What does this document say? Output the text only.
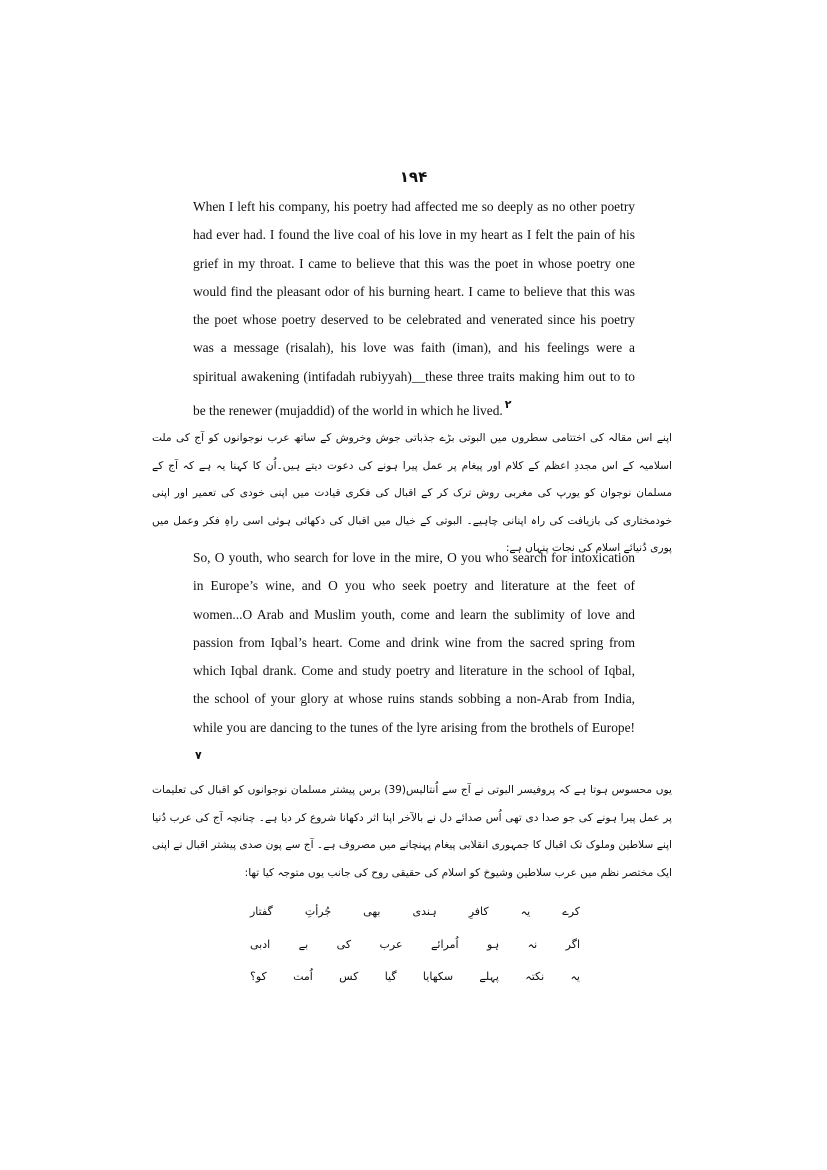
۱۹۴
When I left his company, his poetry had affected me so deeply as no other poetry had ever had. I found the live coal of his love in my heart as I felt the pain of his grief in my throat. I came to believe that this was the poet in whose poetry one would find the pleasant odor of his burning heart. I came to believe that this was the poet whose poetry deserved to be celebrated and venerated since his poetry was a message (risalah), his love was faith (iman), and his feelings were a spiritual awakening (intifadah rubiyyah)__these three traits making him out to to be the renewer (mujaddid) of the world in which he lived. $^۲$
اپنے اس مقالہ کی اختتامی سطروں میں البوتی بڑے جذباتی جوش وخروش کے ساتھ عرب نوجوانوں کو آج کی ملت اسلامیہ کے اس مجددِ اعظم کے کلام اور پیغام پر عمل پیرا ہونے کی دعوت دیتے ہیں۔اُن کا کہنا یہ ہے کہ آج کے مسلمان نوجوان کو یورپ کی مغربی روش ترک کر کے اقبال کی فکری قیادت میں اپنی خودی کی تعمیر اور اپنی خودمختاری کی بازیافت کی راہ اپنانی چاہیے۔ البوتی کے خیال میں اقبال کی دکھائی ہوئی اسی راہِ فکر وعمل میں پوری دُنیائے اسلام کی نجات پنہاں ہے:
So, O youth, who search for love in the mire, O you who search for intoxication in Europe’s wine, and O you who seek poetry and literature at the feet of women...O Arab and Muslim youth, come and learn the sublimity of love and passion from Iqbal’s heart. Come and drink wine from the sacred spring from which Iqbal drank. Come and study poetry and literature in the school of Iqbal, the school of your glory at whose ruins stands sobbing a non-Arab from India, while you are dancing to the tunes of the lyre arising from the brothels of Europe!$^۷$
یوں محسوس ہوتا ہے کہ پروفیسر البوتی نے آج سے اُنتالیس(39) برس پیشتر مسلمان نوجوانوں کو اقبال کی تعلیمات پر عمل پیرا ہونے کی جو صدا دی تھی اُس صدائے دل نے بالآخر اپنا اثر دکھانا شروع کر دیا ہے۔ چنانچہ آج کی عرب دُنیا اپنے سلاطین وملوک تک اقبال کا جمہوری انقلابی پیغام پہنچانے میں مصروف ہے۔ آج سے پون صدی پیشتر اقبال نے اپنی ایک مختصر نظم میں عرب سلاطین وشیوخ کو اسلام کی حقیقی روح کی جانب یوں متوجہ کیا تھا:
کرے یہ کافرِ ہندی بھی جُرأتِ گفتار
اگر نہ ہو اُمرائے عرب کی بے ادبی
یہ نکتہ پہلے سکھایا گیا کس اُمت کو؟
